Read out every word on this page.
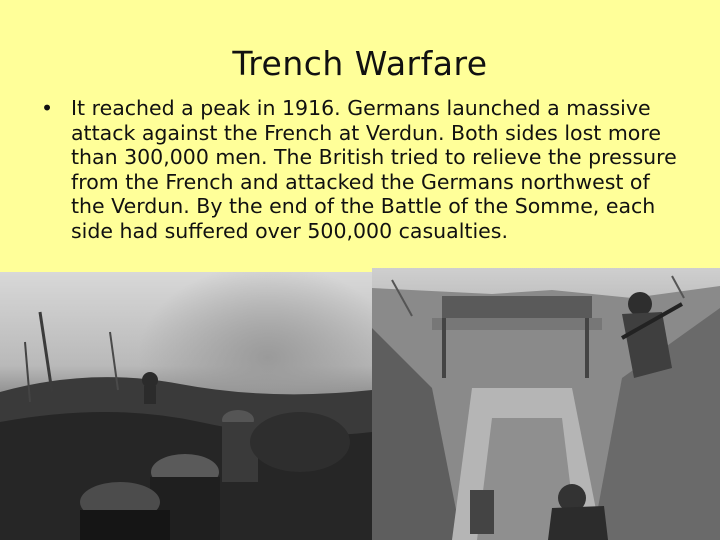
Trench Warfare
• It reached a peak in 1916. Germans launched a massive attack against the French at Verdun. Both sides lost more than 300,000 men. The British tried to relieve the pressure from the French and attacked the Germans northwest of the Verdun. By the end of the Battle of the Somme, each side had suffered over 500,000 casualties.
